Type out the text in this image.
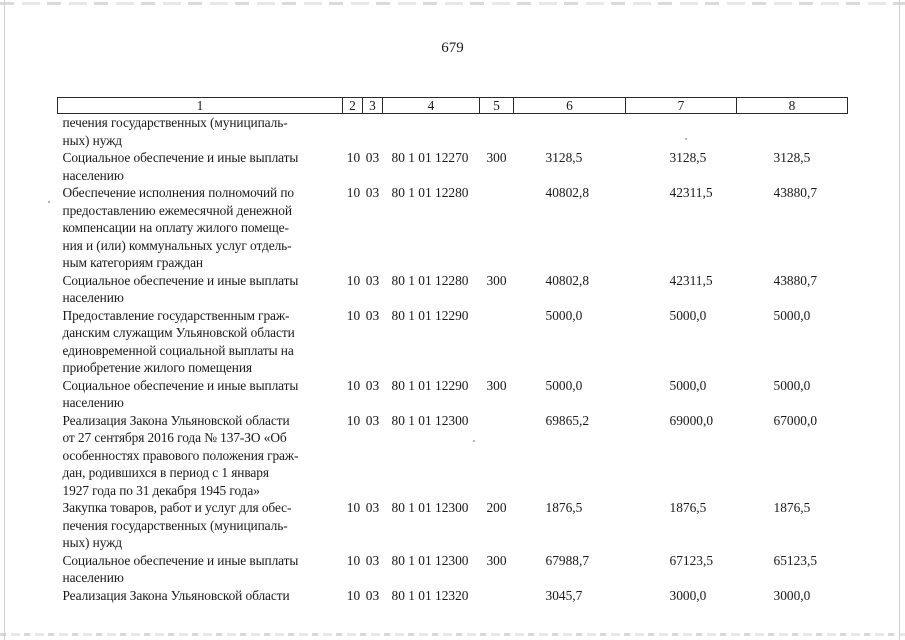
679
1	2	3	4	5	6	7	8
печения государственных (муниципаль-
ных) нужд							
Социальное обеспечение и иные выплаты
населению	10	03	80 1 01 12270	300	3128,5	3128,5	3128,5
Обеспечение исполнения полномочий по
предоставлению ежемесячной денежной
компенсации на оплату жилого помеще-
ния и (или) коммунальных услуг отдель-
ным категориям граждан	10	03	80 1 01 12280		40802,8	42311,5	43880,7
Социальное обеспечение и иные выплаты
населению	10	03	80 1 01 12280	300	40802,8	42311,5	43880,7
Предоставление государственным граж-
данским служащим Ульяновской области
единовременной социальной выплаты на
приобретение жилого помещения	10	03	80 1 01 12290		5000,0	5000,0	5000,0
Социальное обеспечение и иные выплаты
населению	10	03	80 1 01 12290	300	5000,0	5000,0	5000,0
Реализация Закона Ульяновской области
от 27 сентября 2016 года № 137-ЗО «Об
особенностях правового положения граж-
дан, родившихся в период с 1 января
1927 года по 31 декабря 1945 года»	10	03	80 1 01 12300		69865,2	69000,0	67000,0
Закупка товаров, работ и услуг для обес-
печения государственных (муниципаль-
ных) нужд	10	03	80 1 01 12300	200	1876,5	1876,5	1876,5
Социальное обеспечение и иные выплаты
населению	10	03	80 1 01 12300	300	67988,7	67123,5	65123,5
Реализация Закона Ульяновской области	10	03	80 1 01 12320		3045,7	3000,0	3000,0
